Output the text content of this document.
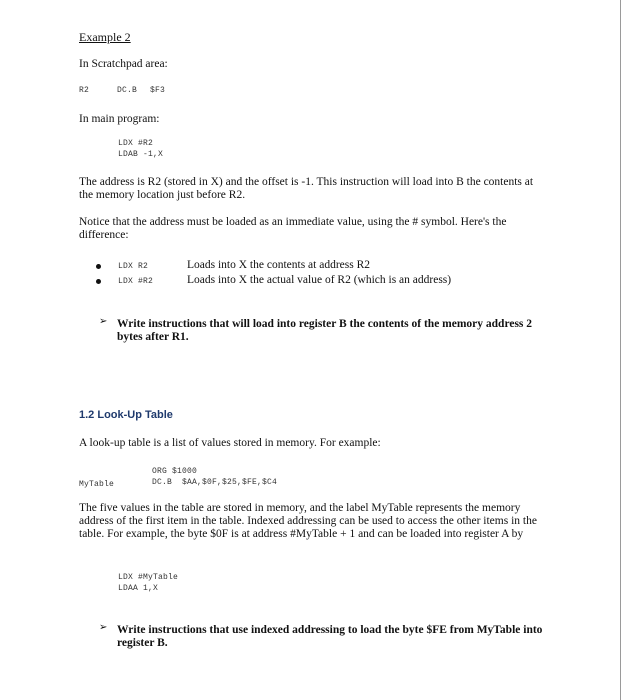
Example 2
In Scratchpad area:
R2	DC.B $F3
In main program:
LDX #R2
LDAB -1,X
The address is R2 (stored in X) and the offset is -1. This instruction will load into B the contents at the memory location just before R2.
Notice that the address must be loaded as an immediate value, using the # symbol. Here's the difference:
LDX R2	Loads into X the contents at address R2
LDX #R2	Loads into X the actual value of R2 (which is an address)
➢ Write instructions that will load into register B the contents of the memory address 2 bytes after R1.
1.2 Look-Up Table
A look-up table is a list of values stored in memory. For example:
ORG $1000
MyTable	DC.B  $AA,$0F,$25,$FE,$C4
The five values in the table are stored in memory, and the label MyTable represents the memory address of the first item in the table. Indexed addressing can be used to access the other items in the table. For example, the byte $0F is at address #MyTable + 1 and can be loaded into register A by
LDX #MyTable
LDAA 1,X
➢ Write instructions that use indexed addressing to load the byte $FE from MyTable into register B.
